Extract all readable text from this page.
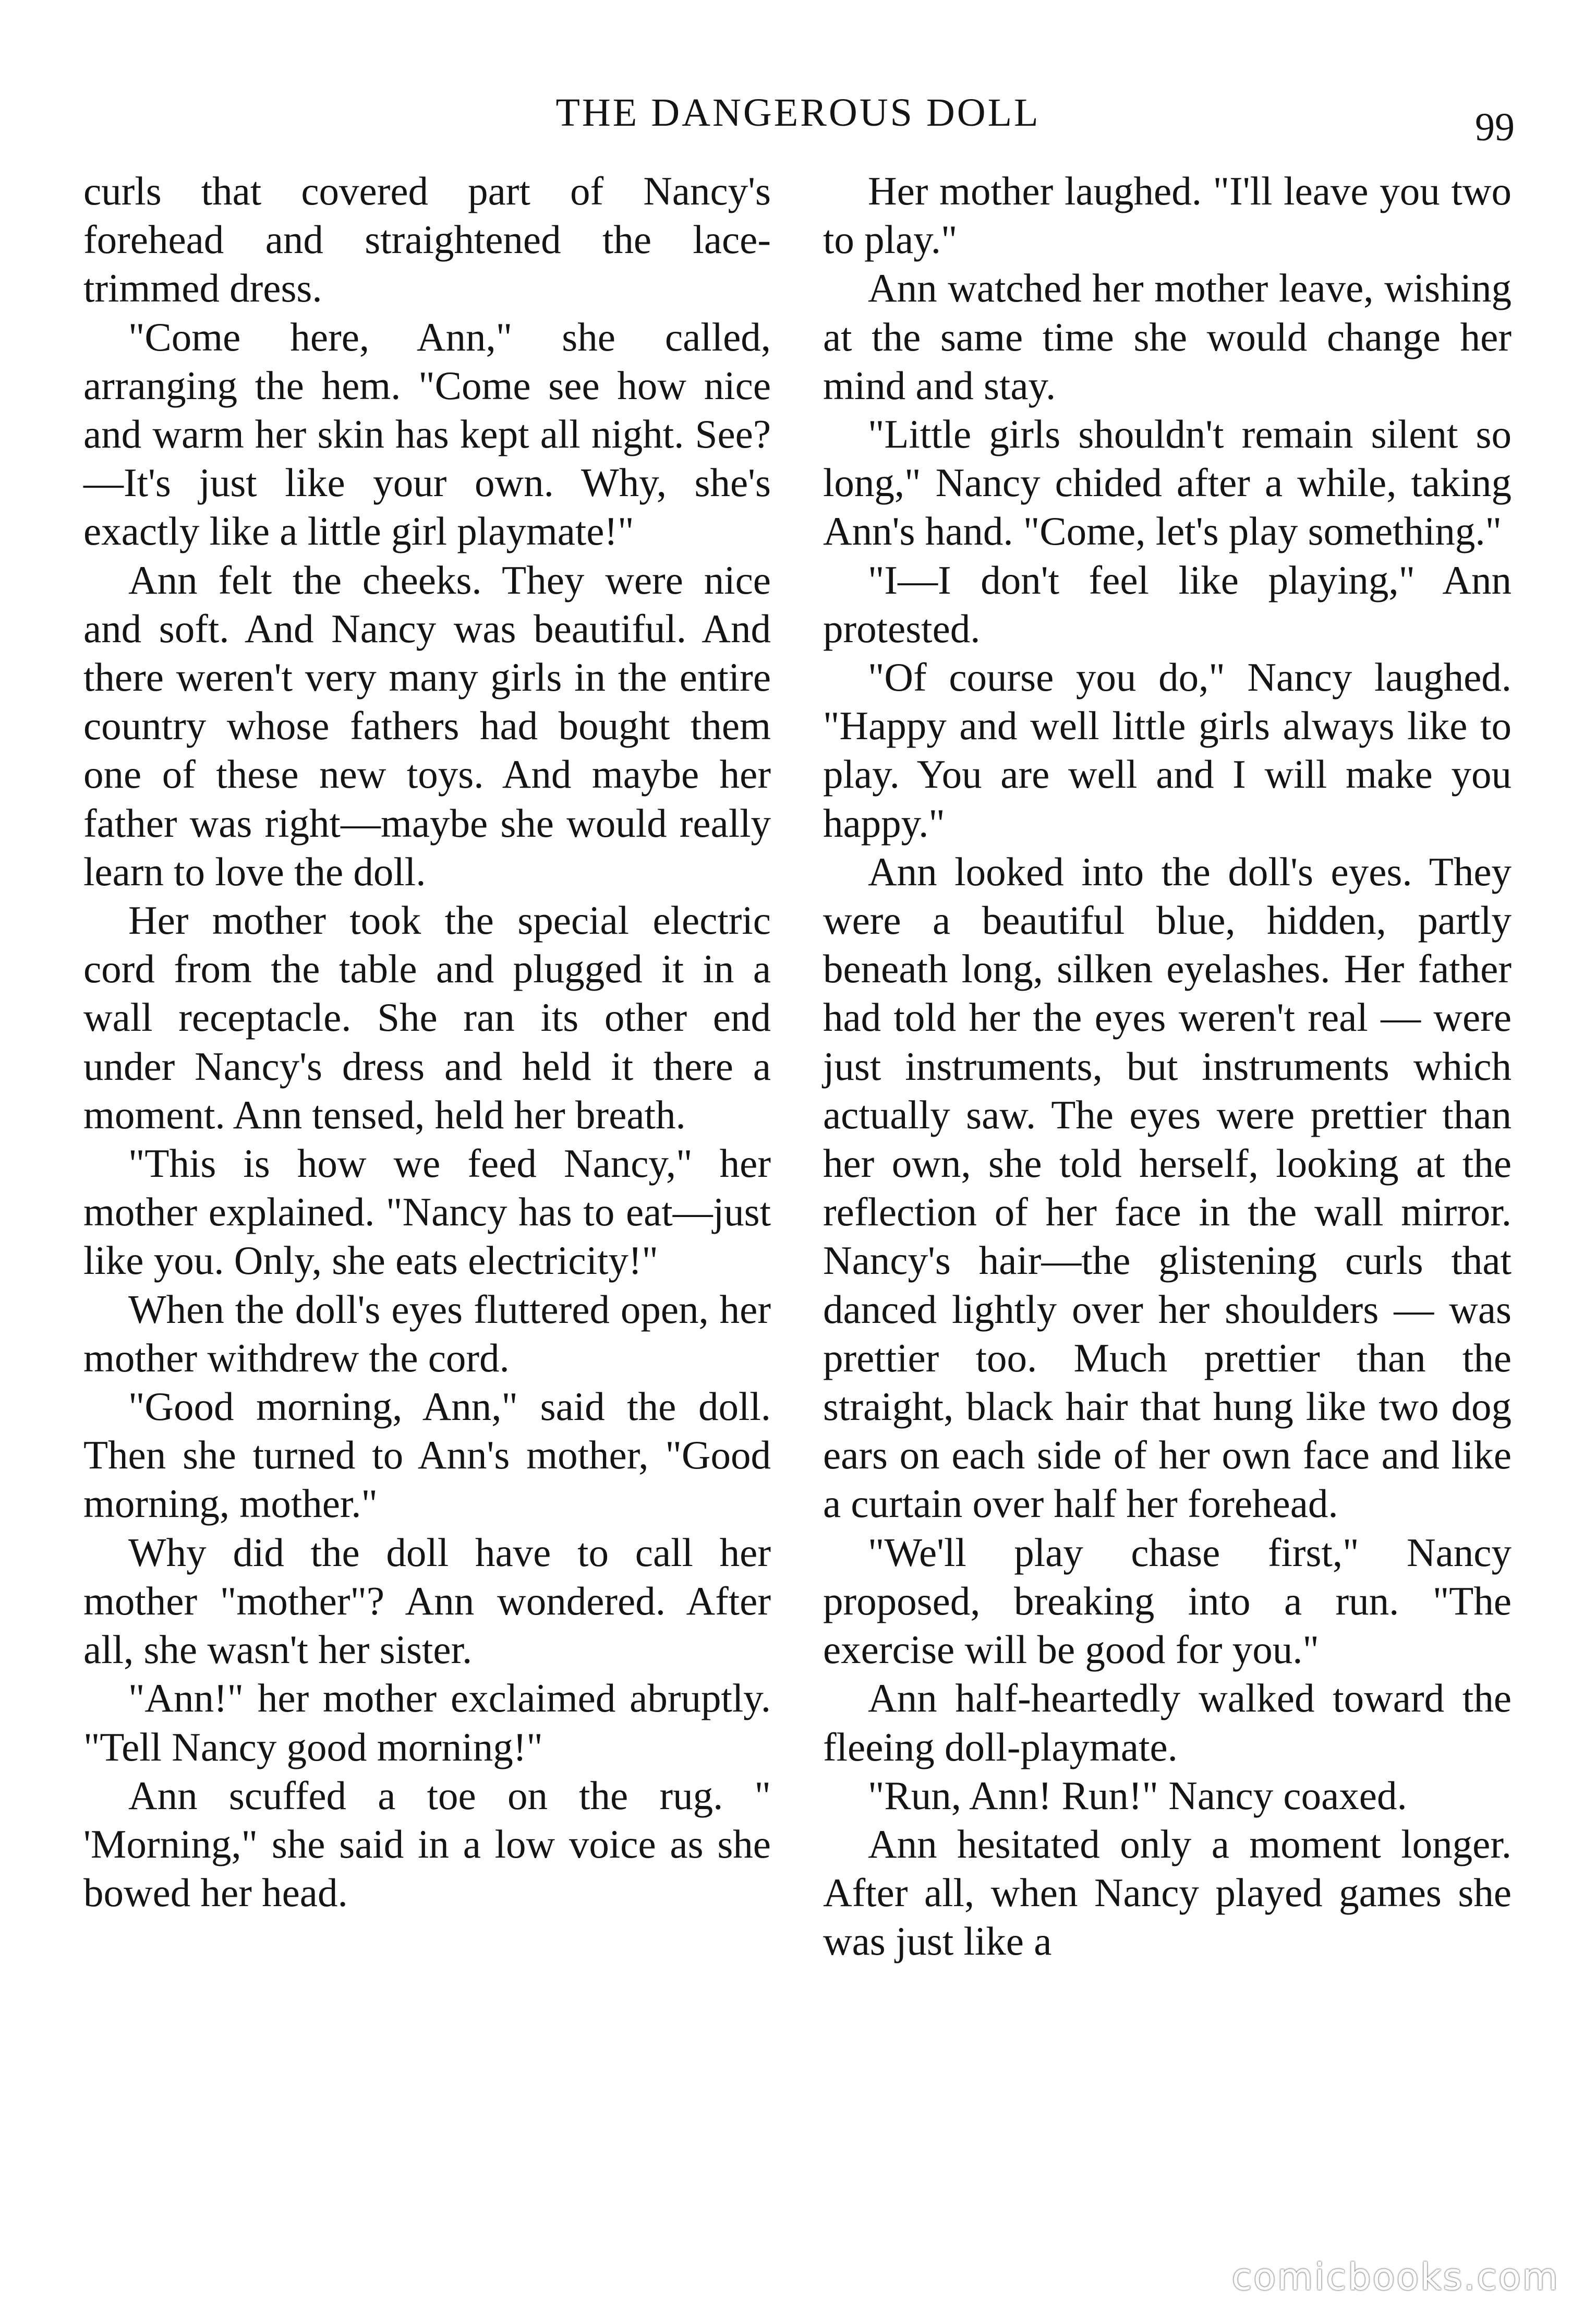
THE DANGEROUS DOLL	99

curls that covered part of Nancy's forehead and straightened the lace-trimmed dress.

"Come here, Ann," she called, arranging the hem. "Come see how nice and warm her skin has kept all night. See?—It's just like your own. Why, she's exactly like a little girl playmate!"

Ann felt the cheeks. They were nice and soft. And Nancy was beautiful. And there weren't very many girls in the entire country whose fathers had bought them one of these new toys. And maybe her father was right—maybe she would really learn to love the doll.

Her mother took the special electric cord from the table and plugged it in a wall receptacle. She ran its other end under Nancy's dress and held it there a moment. Ann tensed, held her breath.

"This is how we feed Nancy," her mother explained. "Nancy has to eat—just like you. Only, she eats electricity!"

When the doll's eyes fluttered open, her mother withdrew the cord.

"Good morning, Ann," said the doll. Then she turned to Ann's mother, "Good morning, mother."

Why did the doll have to call her mother "mother"? Ann wondered. After all, she wasn't her sister.

"Ann!" her mother exclaimed abruptly. "Tell Nancy good morning!"

Ann scuffed a toe on the rug. " 'Morning," she said in a low voice as she bowed her head.

Her mother laughed. "I'll leave you two to play."

Ann watched her mother leave, wishing at the same time she would change her mind and stay.

"Little girls shouldn't remain silent so long," Nancy chided after a while, taking Ann's hand. "Come, let's play something."

"I—I don't feel like playing," Ann protested.

"Of course you do," Nancy laughed. "Happy and well little girls always like to play. You are well and I will make you happy."

Ann looked into the doll's eyes. They were a beautiful blue, hidden, partly beneath long, silken eyelashes. Her father had told her the eyes weren't real — were just instruments, but instruments which actually saw. The eyes were prettier than her own, she told herself, looking at the reflection of her face in the wall mirror. Nancy's hair—the glistening curls that danced lightly over her shoulders — was prettier too. Much prettier than the straight, black hair that hung like two dog ears on each side of her own face and like a curtain over half her forehead.

"We'll play chase first," Nancy proposed, breaking into a run. "The exercise will be good for you."

Ann half-heartedly walked toward the fleeing doll-playmate.

"Run, Ann! Run!" Nancy coaxed.

Ann hesitated only a moment longer. After all, when Nancy played games she was just like a

comicbooks.com
